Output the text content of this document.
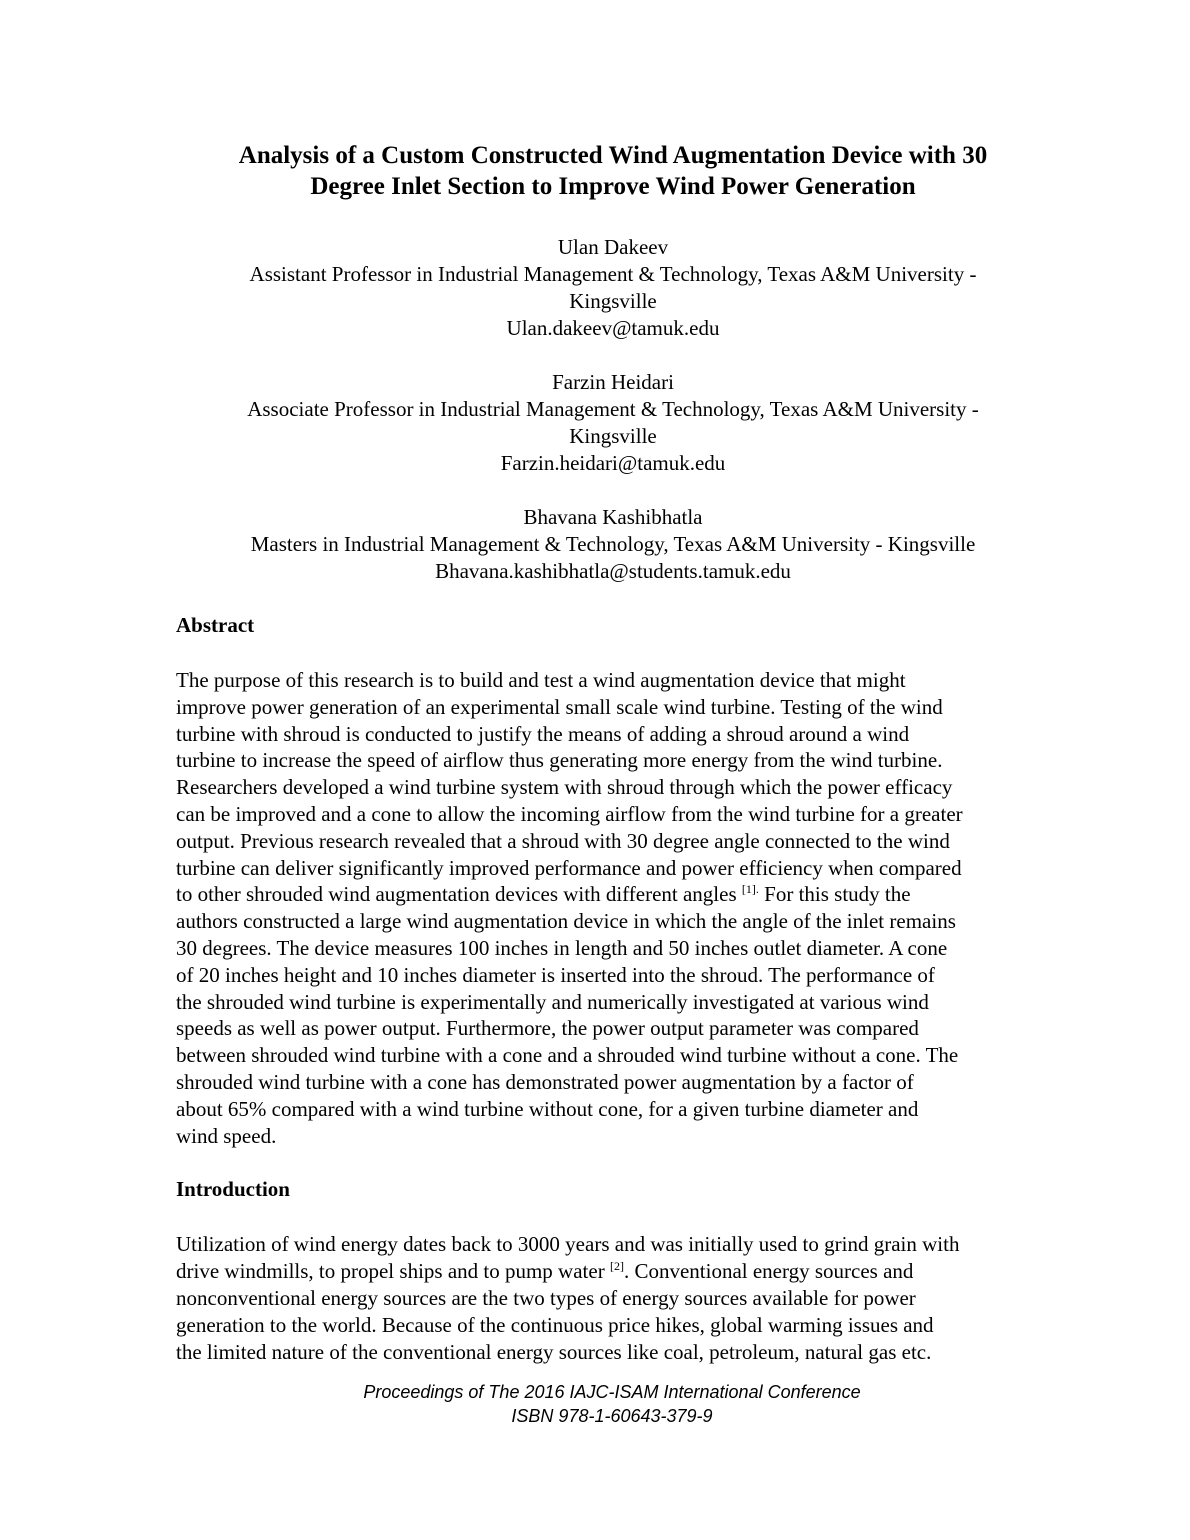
Analysis of a Custom Constructed Wind Augmentation Device with 30
Degree Inlet Section to Improve Wind Power Generation
Ulan Dakeev
Assistant Professor in Industrial Management & Technology, Texas A&M University -
Kingsville
Ulan.dakeev@tamuk.edu
Farzin Heidari
Associate Professor in Industrial Management & Technology, Texas A&M University -
Kingsville
Farzin.heidari@tamuk.edu
Bhavana Kashibhatla
Masters in Industrial Management & Technology, Texas A&M University - Kingsville
Bhavana.kashibhatla@students.tamuk.edu
Abstract
The purpose of this research is to build and test a wind augmentation device that might
improve power generation of an experimental small scale wind turbine. Testing of the wind
turbine with shroud is conducted to justify the means of adding a shroud around a wind
turbine to increase the speed of airflow thus generating more energy from the wind turbine.
Researchers developed a wind turbine system with shroud through which the power efficacy
can be improved and a cone to allow the incoming airflow from the wind turbine for a greater
output. Previous research revealed that a shroud with 30 degree angle connected to the wind
turbine can deliver significantly improved performance and power efficiency when compared
to other shrouded wind augmentation devices with different angles $^{[1].}$ For this study the
authors constructed a large wind augmentation device in which the angle of the inlet remains
30 degrees. The device measures 100 inches in length and 50 inches outlet diameter. A cone
of 20 inches height and 10 inches diameter is inserted into the shroud. The performance of
the shrouded wind turbine is experimentally and numerically investigated at various wind
speeds as well as power output. Furthermore, the power output parameter was compared
between shrouded wind turbine with a cone and a shrouded wind turbine without a cone. The
shrouded wind turbine with a cone has demonstrated power augmentation by a factor of
about 65% compared with a wind turbine without cone, for a given turbine diameter and
wind speed.
Introduction
Utilization of wind energy dates back to 3000 years and was initially used to grind grain with
drive windmills, to propel ships and to pump water [2]. Conventional energy sources and
nonconventional energy sources are the two types of energy sources available for power
generation to the world. Because of the continuous price hikes, global warming issues and
the limited nature of the conventional energy sources like coal, petroleum, natural gas etc.
Proceedings of The 2016 IAJC-ISAM International Conference
ISBN 978-1-60643-379-9
